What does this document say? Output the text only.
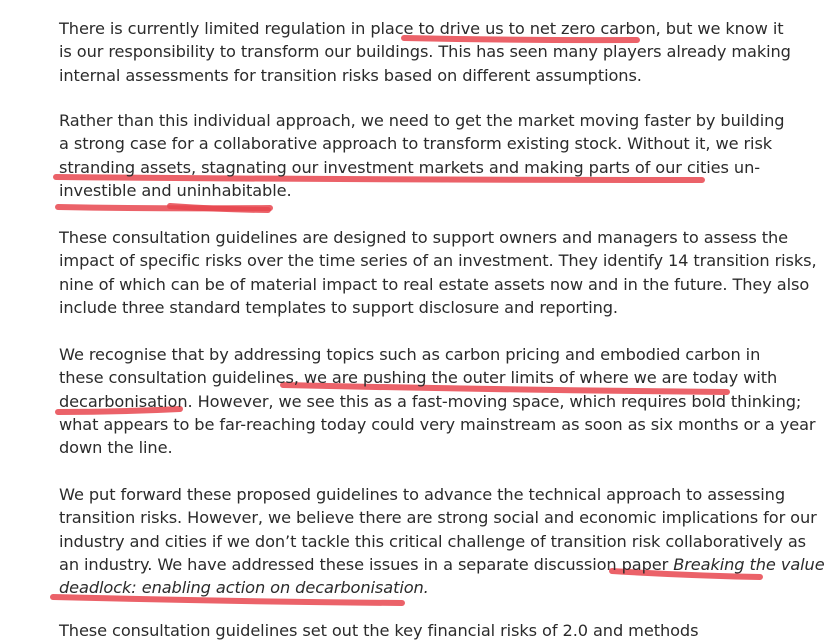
There is currently limited regulation in place to drive us to net zero carbon, but we know it
is our responsibility to transform our buildings. This has seen many players already making
internal assessments for transition risks based on different assumptions.
Rather than this individual approach, we need to get the market moving faster by building
a strong case for a collaborative approach to transform existing stock. Without it, we risk
stranding assets, stagnating our investment markets and making parts of our cities un-
investible and uninhabitable.
These consultation guidelines are designed to support owners and managers to assess the
impact of specific risks over the time series of an investment. They identify 14 transition risks,
nine of which can be of material impact to real estate assets now and in the future. They also
include three standard templates to support disclosure and reporting.
We recognise that by addressing topics such as carbon pricing and embodied carbon in
these consultation guidelines, we are pushing the outer limits of where we are today with
decarbonisation. However, we see this as a fast-moving space, which requires bold thinking;
what appears to be far-reaching today could very mainstream as soon as six months or a year
down the line.
We put forward these proposed guidelines to advance the technical approach to assessing
transition risks. However, we believe there are strong social and economic implications for our
industry and cities if we don’t tackle this critical challenge of transition risk collaboratively as
an industry. We have addressed these issues in a separate discussion paper Breaking the value
deadlock: enabling action on decarbonisation.
These consultation guidelines set out the key financial risks of 2.0 and methods
